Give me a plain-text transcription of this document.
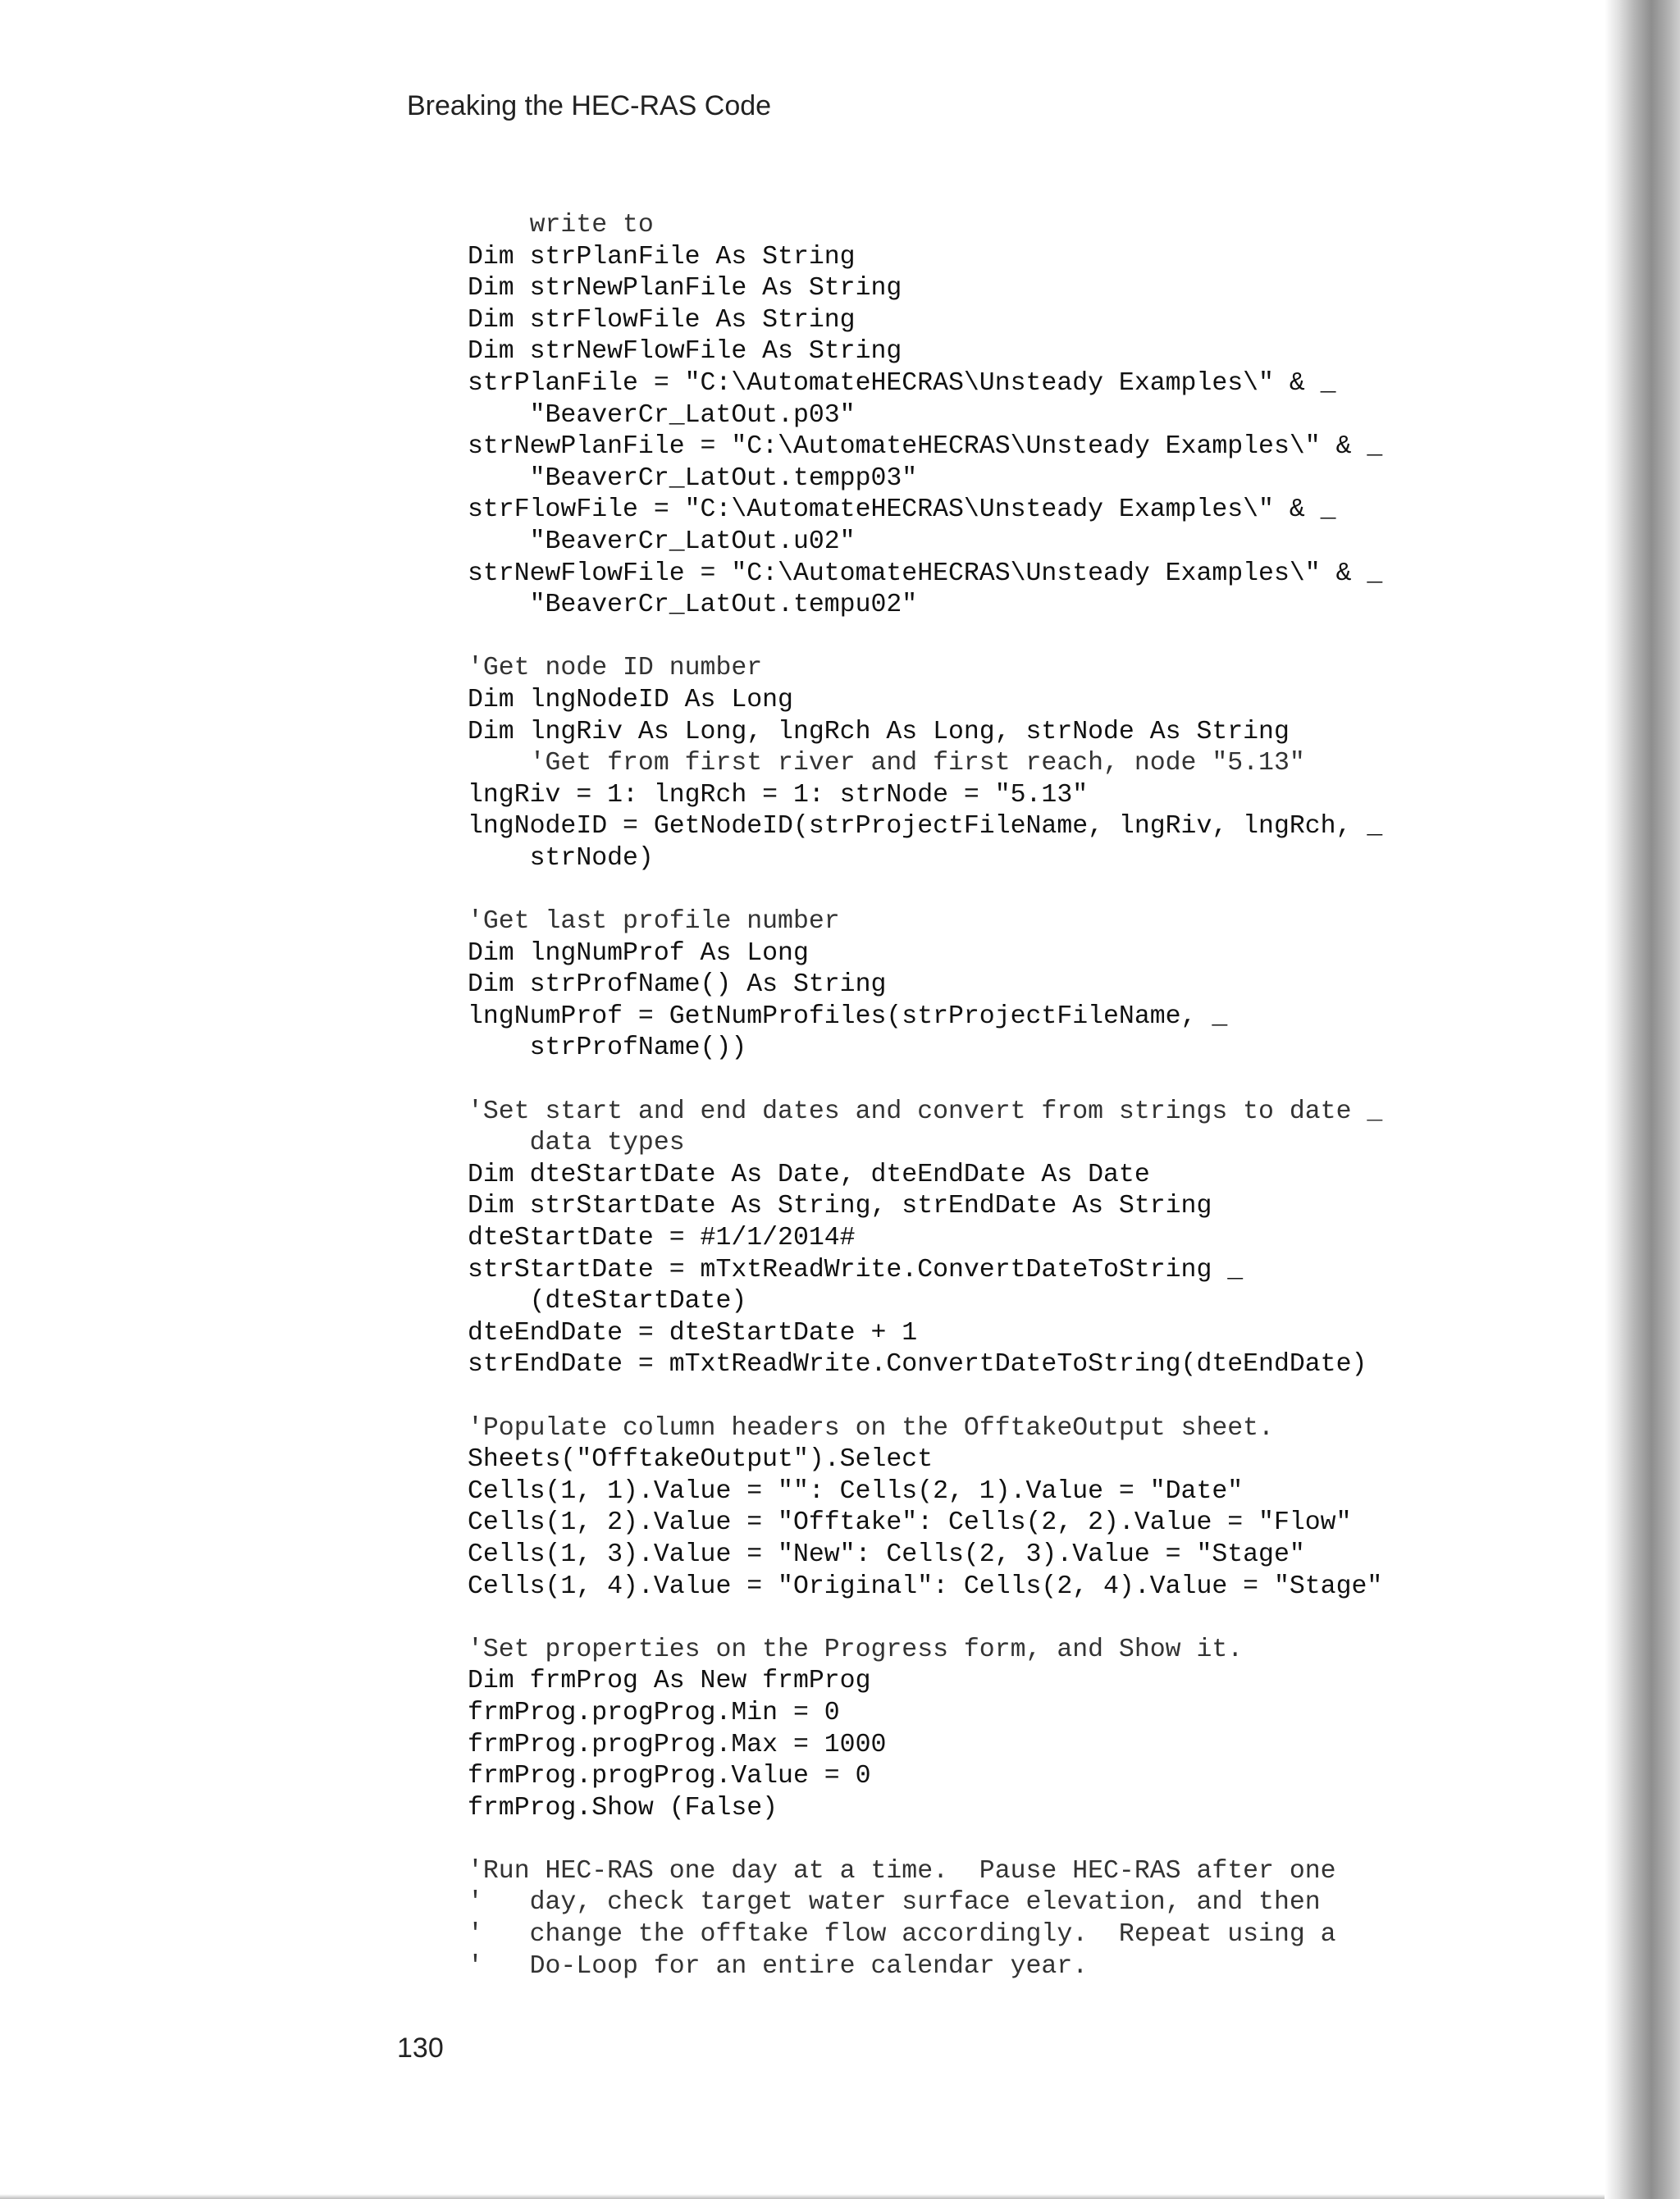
Breaking the HEC-RAS Code
write to
Dim strPlanFile As String
Dim strNewPlanFile As String
Dim strFlowFile As String
Dim strNewFlowFile As String
strPlanFile = "C:\AutomateHECRAS\Unsteady Examples\" & _
"BeaverCr_LatOut.p03"
strNewPlanFile = "C:\AutomateHECRAS\Unsteady Examples\" & _
"BeaverCr_LatOut.tempp03"
strFlowFile = "C:\AutomateHECRAS\Unsteady Examples\" & _
"BeaverCr_LatOut.u02"
strNewFlowFile = "C:\AutomateHECRAS\Unsteady Examples\" & _
"BeaverCr_LatOut.tempu02"
'Get node ID number
Dim lngNodeID As Long
Dim lngRiv As Long, lngRch As Long, strNode As String
'Get from first river and first reach, node "5.13"
lngRiv = 1: lngRch = 1: strNode = "5.13"
lngNodeID = GetNodeID(strProjectFileName, lngRiv, lngRch, _
strNode)
'Get last profile number
Dim lngNumProf As Long
Dim strProfName() As String
lngNumProf = GetNumProfiles(strProjectFileName, _
strProfName())
'Set start and end dates and convert from strings to date _
data types
Dim dteStartDate As Date, dteEndDate As Date
Dim strStartDate As String, strEndDate As String
dteStartDate = #1/1/2014#
strStartDate = mTxtReadWrite.ConvertDateToString _
(dteStartDate)
dteEndDate = dteStartDate + 1
strEndDate = mTxtReadWrite.ConvertDateToString(dteEndDate)
'Populate column headers on the OfftakeOutput sheet.
Sheets("OfftakeOutput").Select
Cells(1, 1).Value = "": Cells(2, 1).Value = "Date"
Cells(1, 2).Value = "Offtake": Cells(2, 2).Value = "Flow"
Cells(1, 3).Value = "New": Cells(2, 3).Value = "Stage"
Cells(1, 4).Value = "Original": Cells(2, 4).Value = "Stage"
'Set properties on the Progress form, and Show it.
Dim frmProg As New frmProg
frmProg.progProg.Min = 0
frmProg.progProg.Max = 1000
frmProg.progProg.Value = 0
frmProg.Show (False)
'Run HEC-RAS one day at a time.  Pause HEC-RAS after one
'   day, check target water surface elevation, and then
'   change the offtake flow accordingly.  Repeat using a
'   Do-Loop for an entire calendar year.
130
